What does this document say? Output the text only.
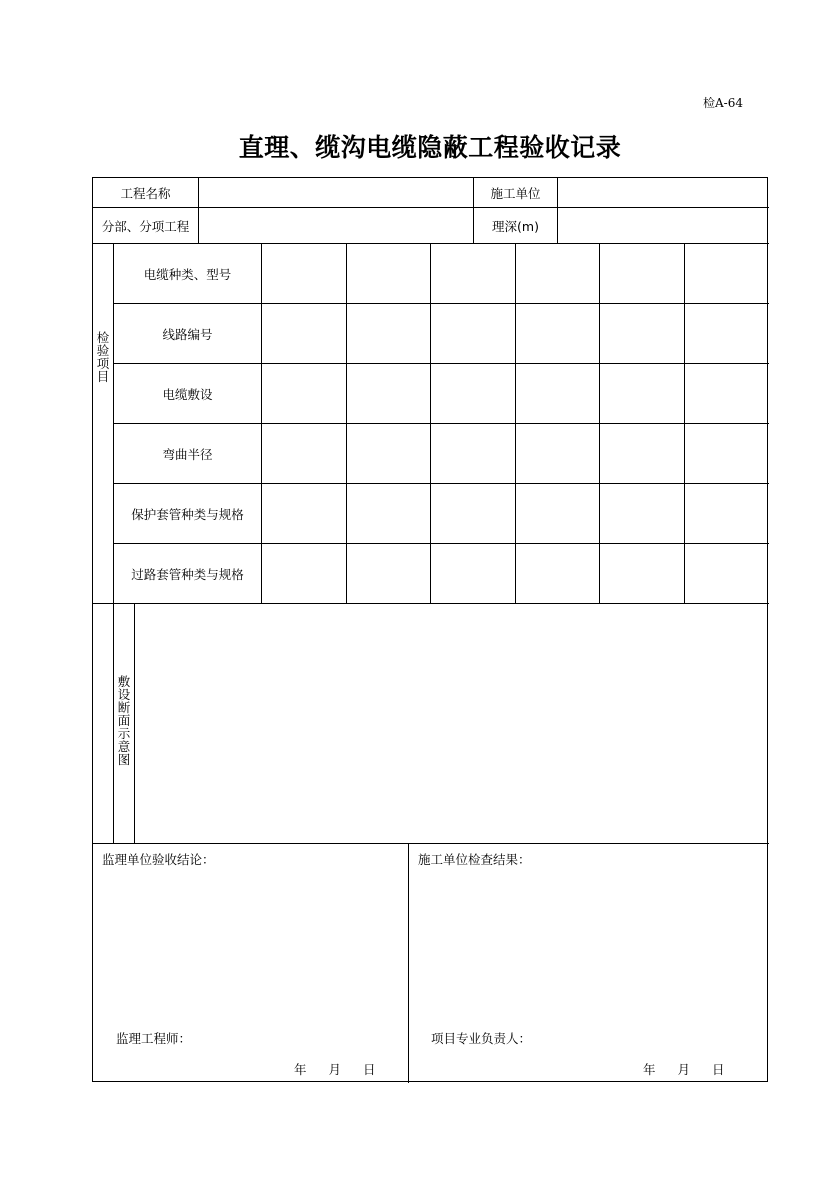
检A-64
直理、缆沟电缆隐蔽工程验收记录
工程名称	施工单位
分部、分项工程	理深(m)
检
验
项
目
电缆种类、型号
线路编号
电缆敷设
弯曲半径
保护套管种类与规格
过路套管种类与规格
敷
设
断
面
示
意
图
监理单位验收结论：
监理工程师：
年 月 日
施工单位检查结果：
项目专业负责人：
年 月 日
